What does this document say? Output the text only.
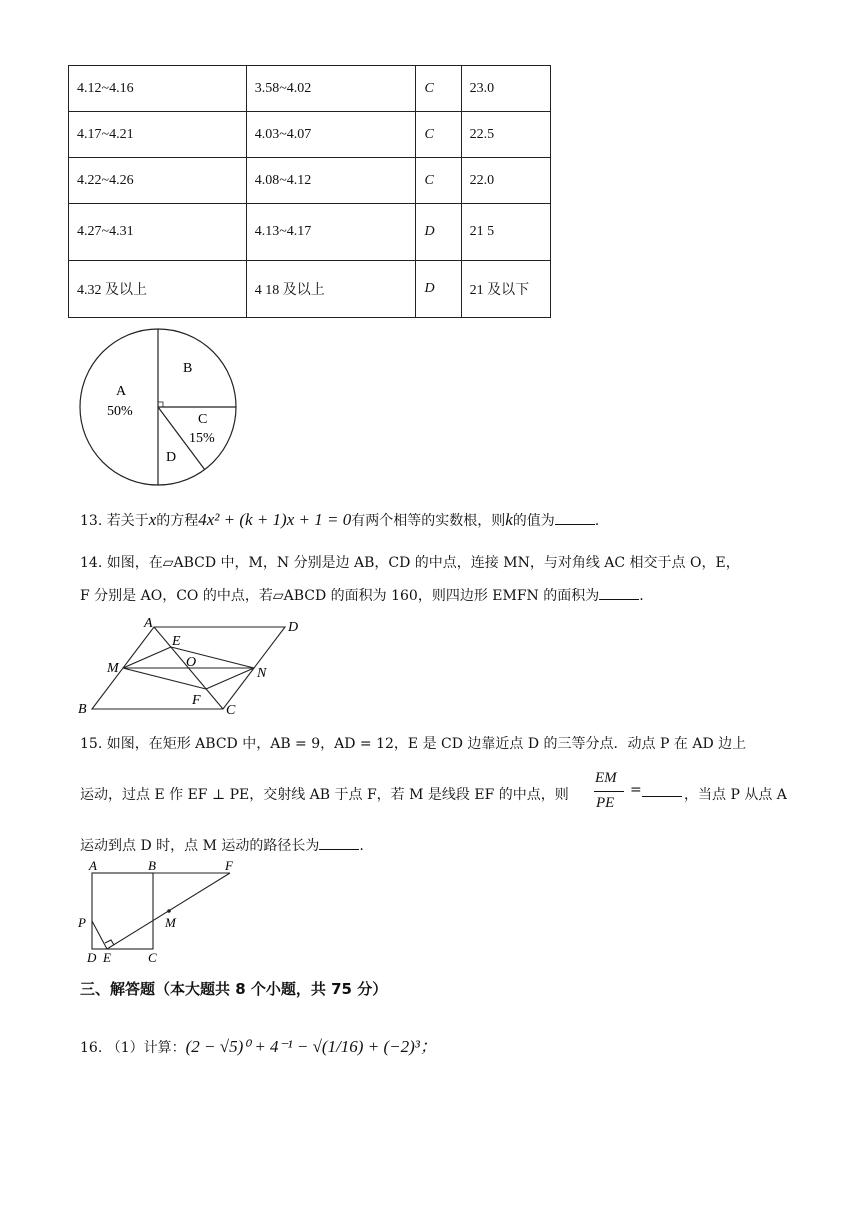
4.12~4.16	3.58~4.02	C	23.0
4.17~4.21	4.03~4.07	C	22.5
4.22~4.26	4.08~4.12	C	22.0
4.27~4.31	4.13~4.17	D	21 5
4.32 及以上	4 18 及以上	D	21 及以下
A
50%
B
C
15%
D
13. 若关于x的方程4x² + (k + 1)x + 1 = 0有两个相等的实数根，则k的值为	.
14. 如图，在▱ABCD 中，M，N 分别是边 AB，CD 的中点，连接 MN，与对角线 AC 相交于点 O，E，
F 分别是 AO，CO 的中点，若▱ABCD 的面积为 160，则四边形 EMFN 的面积为	.
A	D
E
M	O
N
F
B	C
15. 如图，在矩形 ABCD 中，AB = 9，AD = 12，E 是 CD 边靠近点 D 的三等分点．动点 P 在 AD 边上
运动，过点 E 作 EF ⊥ PE，交射线 AB 于点 F，若 M 是线段 EF 的中点，则
EM
PE
=	，当点 P 从点 A
运动到点 D 时，点 M 运动的路径长为	.
A	B	F
P	M
D E	C
三、解答题（本大题共 8 个小题，共 75 分）
16. （1）计算：(2 − √5)⁰ + 4⁻¹ − √(1/16) + (−2)³；
